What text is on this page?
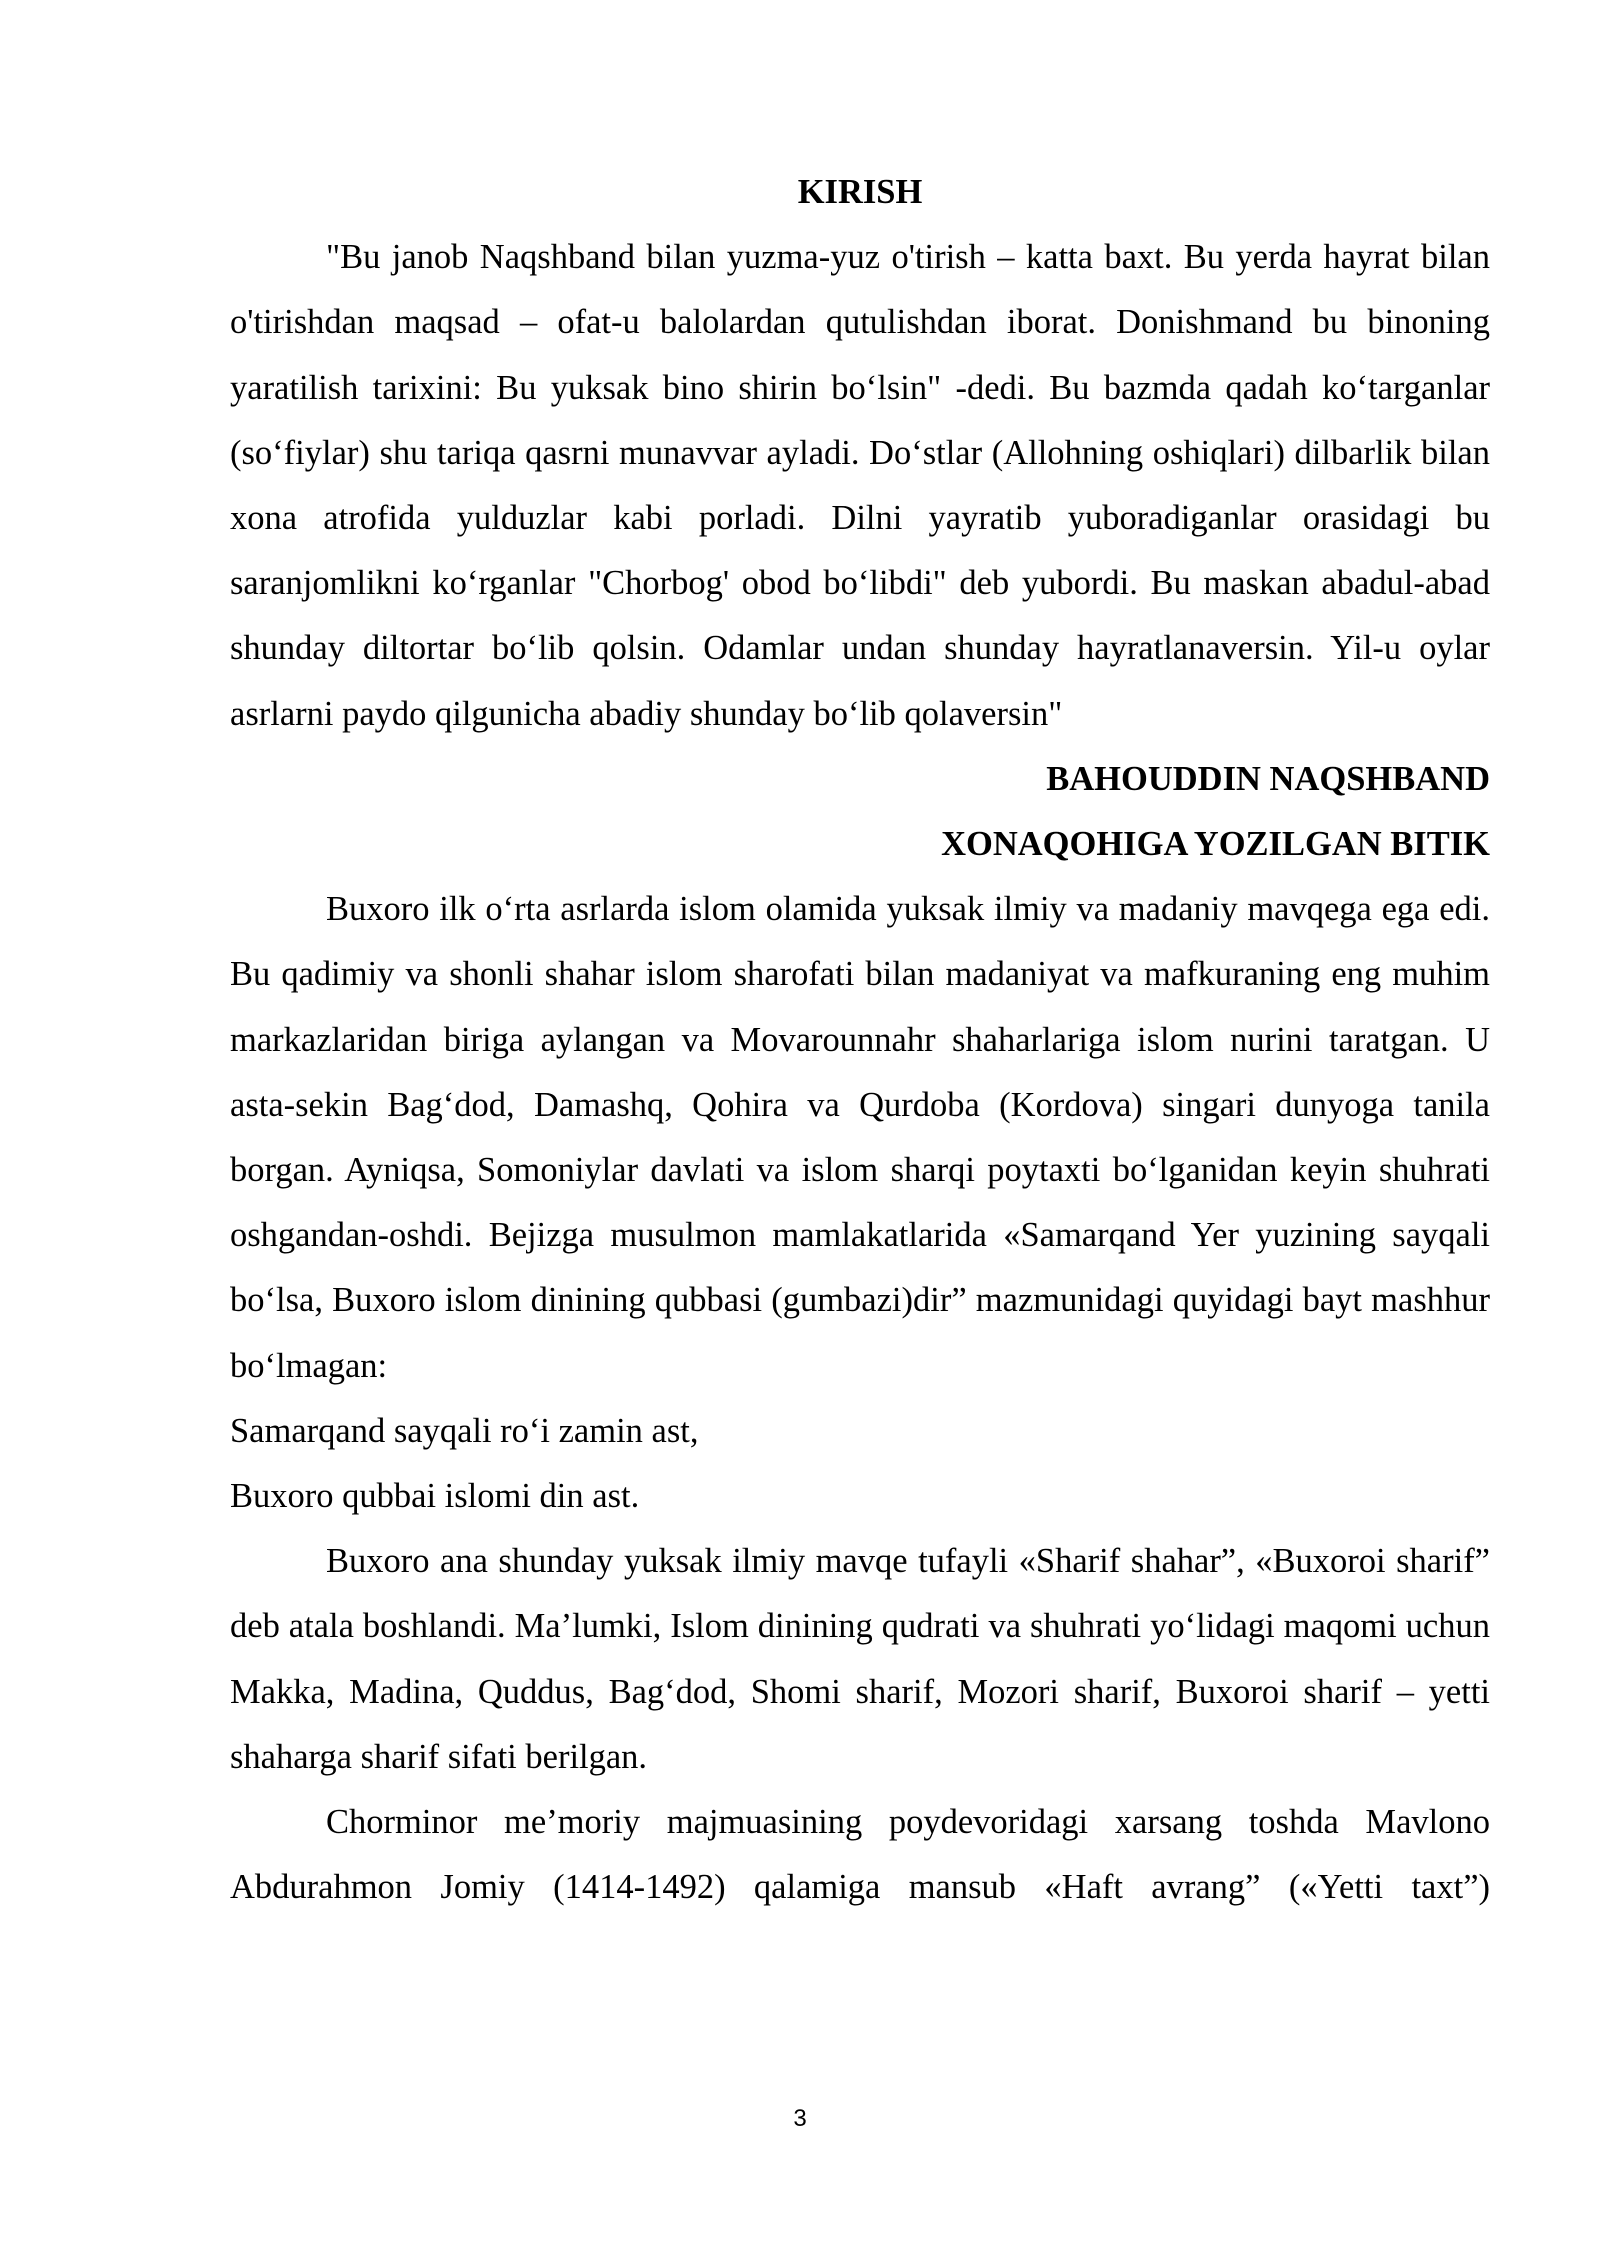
KIRISH

"Bu janob Naqshband bilan yuzma-yuz o'tirish – katta baxt. Bu yerda hayrat bilan o'tirishdan maqsad – ofat-u balolardan qutulishdan iborat. Donishmand bu binoning yaratilish tarixini: Bu yuksak bino shirin bo‘lsin" -dedi. Bu bazmda qadah ko‘targanlar (so‘fiylar) shu tariqa qasrni munavvar ayladi. Do‘stlar (Allohning oshiqlari) dilbarlik bilan xona atrofida yulduzlar kabi porladi. Dilni yayratib yuboradiganlar orasidagi bu saranjomlikni ko‘rganlar "Chorbog' obod bo‘libdi" deb yubordi. Bu maskan abadul-abad shunday diltortar bo‘lib qolsin. Odamlar undan shunday hayratlanaversin. Yil-u oylar asrlarni paydo qilgunicha abadiy shunday bo‘lib qolaversin"

BAHOUDDIN NAQSHBAND
XONAQOHIGA YOZILGAN BITIK

Buxoro ilk o‘rta asrlarda islom olamida yuksak ilmiy va madaniy mavqega ega edi. Bu qadimiy va shonli shahar islom sharofati bilan madaniyat va mafkuraning eng muhim markazlaridan biriga aylangan va Movarounnahr shaharlariga islom nurini taratgan. U asta-sekin Bag‘dod, Damashq, Qohira va Qurdoba (Kordova) singari dunyoga tanila borgan. Ayniqsa, Somoniylar davlati va islom sharqi poytaxti bo‘lganidan keyin shuhrati oshgandan-oshdi. Bejizga musulmon mamlakatlarida «Samarqand Yer yuzining sayqali bo‘lsa, Buxoro islom dinining qubbasi (gumbazi)dir” mazmunidagi quyidagi bayt mashhur bo‘lmagan:

Samarqand sayqali ro‘i zamin ast,

Buxoro qubbai islomi din ast.

Buxoro ana shunday yuksak ilmiy mavqe tufayli «Sharif shahar”, «Buxoroi sharif” deb atala boshlandi. Ma’lumki, Islom dinining qudrati va shuhrati yo‘lidagi maqomi uchun Makka, Madina, Quddus, Bag‘dod, Shomi sharif, Mozori sharif, Buxoroi sharif – yetti shaharga sharif sifati berilgan.

Chorminor me’moriy majmuasining poydevoridagi xarsang toshda Mavlono Abdurahmon Jomiy (1414-1492) qalamiga mansub «Haft avrang” («Yetti taxt”)

3
